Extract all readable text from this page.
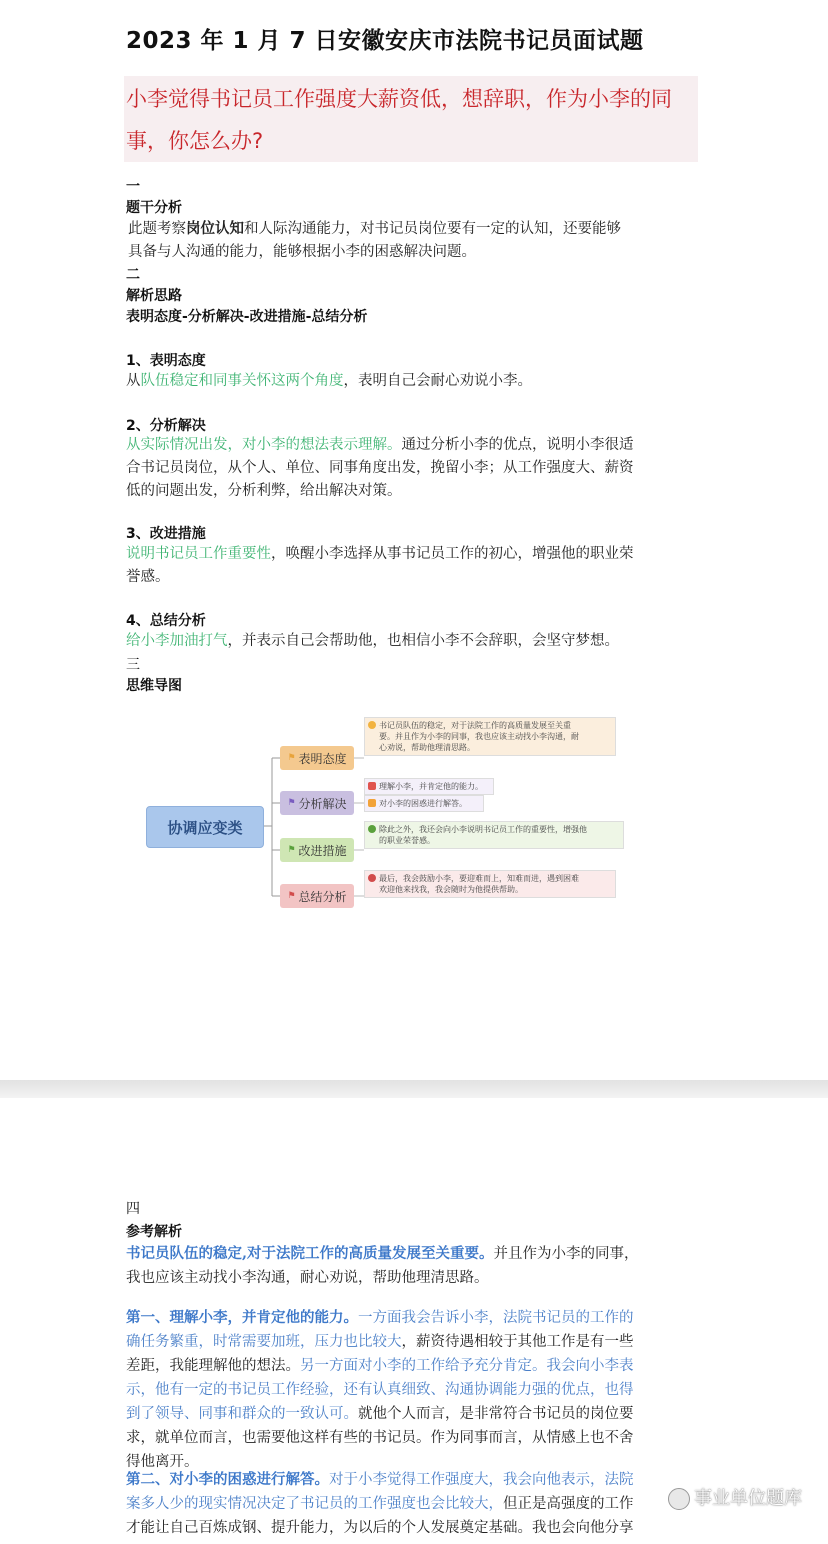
2023 年 1 月 7 日安徽安庆市法院书记员面试题
小李觉得书记员工作强度大薪资低，想辞职，作为小李的同
事，你怎么办?
一
题干分析
此题考察岗位认知和人际沟通能力，对书记员岗位要有一定的认知，还要能够
具备与人沟通的能力，能够根据小李的困惑解决问题。
二
解析思路
表明态度-分析解决-改进措施-总结分析
1、表明态度
从队伍稳定和同事关怀这两个角度，表明自己会耐心劝说小李。
2、分析解决
从实际情况出发，对小李的想法表示理解。通过分析小李的优点，说明小李很适
合书记员岗位，从个人、单位、同事角度出发，挽留小李；从工作强度大、薪资
低的问题出发，分析利弊，给出解决对策。
3、改进措施
说明书记员工作重要性，唤醒小李选择从事书记员工作的初心，增强他的职业荣
誉感。
4、总结分析
给小李加油打气，并表示自己会帮助他，也相信小李不会辞职，会坚守梦想。
三
思维导图
协调应变类
⚑ 表明态度
⚑ 分析解决
⚑ 改进措施
⚑ 总结分析
书记员队伍的稳定，对于法院工作的高质量发展至关重
要。并且作为小李的同事，我也应该主动找小李沟通，耐
心劝说，帮助他理清思路。
理解小李，并肯定他的能力。
对小李的困惑进行解答。
除此之外，我还会向小李说明书记员工作的重要性，增强他
的职业荣誉感。
最后，我会鼓励小李，要迎难而上，知难而进，遇到困难
欢迎他来找我，我会随时为他提供帮助。
四
参考解析
书记员队伍的稳定,对于法院工作的高质量发展至关重要。并且作为小李的同事，
我也应该主动找小李沟通，耐心劝说，帮助他理清思路。
第一、理解小李，并肯定他的能力。一方面我会告诉小李，法院书记员的工作的
确任务繁重，时常需要加班，压力也比较大，薪资待遇相较于其他工作是有一些
差距，我能理解他的想法。另一方面对小李的工作给予充分肯定。我会向小李表
示，他有一定的书记员工作经验，还有认真细致、沟通协调能力强的优点，也得
到了领导、同事和群众的一致认可。就他个人而言，是非常符合书记员的岗位要
求，就单位而言，也需要他这样有些的书记员。作为同事而言，从情感上也不舍
得他离开。
第二、对小李的困惑进行解答。对于小李觉得工作强度大，我会向他表示，法院
案多人少的现实情况决定了书记员的工作强度也会比较大，但正是高强度的工作
才能让自己百炼成钢、提升能力，为以后的个人发展奠定基础。我也会向他分享
事业单位题库
